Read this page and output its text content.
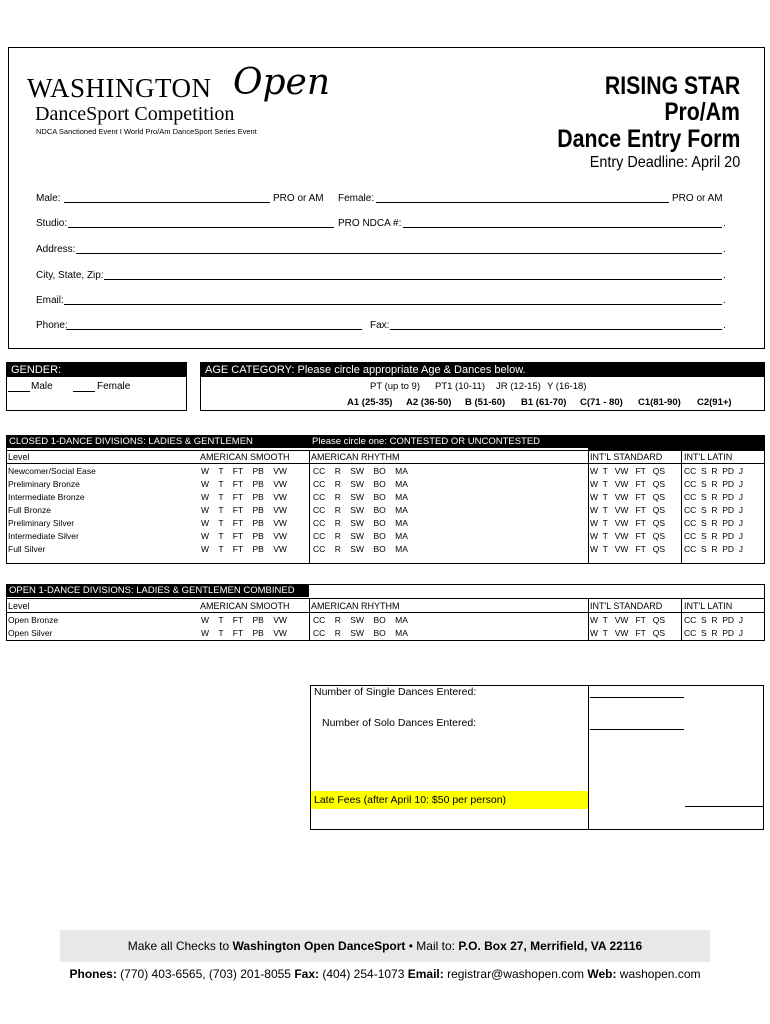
WASHINGTON Open
DanceSport Competition
NDCA Sanctioned Event I World Pro/Am DanceSport Series Event
RISING STAR
Pro/Am
Dance Entry Form
Entry Deadline: April 20
Male:	PRO or AM Female:	PRO or AM
Studio:	PRO NDCA #:	.
Address:	.
City, State, Zip:	.
Email:	.
Phone:	Fax:	.
GENDER:
Male	Female
AGE CATEGORY: Please circle appropriate Age & Dances below.
PT (up to 9) PT1 (10-11) JR (12-15) Y (16-18)
A1 (25-35) A2 (36-50) B (51-60) B1 (61-70) C(71 - 80) C1(81-90) C2(91+)
CLOSED 1-DANCE DIVISIONS: LADIES & GENTLEMEN	Please circle one: CONTESTED OR UNCONTESTED
Level	AMERICAN SMOOTH AMERICAN RHYTHM	INT'L STANDARD INT'L LATIN
Newcomer/Social Ease	W    T    FT    PB    VW	CC    R    SW    BO    MA	W  T   VW   FT   QS CC  S  R  PD  J
Preliminary Bronze	W    T    FT    PB    VW	CC    R    SW    BO    MA	W  T   VW   FT   QS CC  S  R  PD  J
Intermediate Bronze	W    T    FT    PB    VW	CC    R    SW    BO    MA	W  T   VW   FT   QS CC  S  R  PD  J
Full Bronze	W    T    FT    PB    VW	CC    R    SW    BO    MA	W  T   VW   FT   QS CC  S  R  PD  J
Preliminary Silver	W    T    FT    PB    VW	CC    R    SW    BO    MA	W  T   VW   FT   QS CC  S  R  PD  J
Intermediate Silver	W    T    FT    PB    VW	CC    R    SW    BO    MA	W  T   VW   FT   QS CC  S  R  PD  J
Full Silver	W    T    FT    PB    VW	CC    R    SW    BO    MA	W  T   VW   FT   QS CC  S  R  PD  J
OPEN 1-DANCE DIVISIONS: LADIES & GENTLEMEN COMBINED
Level	AMERICAN SMOOTH AMERICAN RHYTHM	INT'L STANDARD INT'L LATIN
Open Bronze	W    T    FT    PB    VW	CC    R    SW    BO    MA	W  T   VW   FT   QS CC  S  R  PD  J
Open Silver	W    T    FT    PB    VW	CC    R    SW    BO    MA	W  T   VW   FT   QS CC  S  R  PD  J
Number of Single Dances Entered:
Number of Solo Dances Entered:
Late Fees (after April 10: $50 per person)
Make all Checks to Washington Open DanceSport • Mail to: P.O. Box 27, Merrifield, VA 22116
Phones: (770) 403-6565, (703) 201-8055 Fax: (404) 254-1073 Email: registrar@washopen.com Web: washopen.com
